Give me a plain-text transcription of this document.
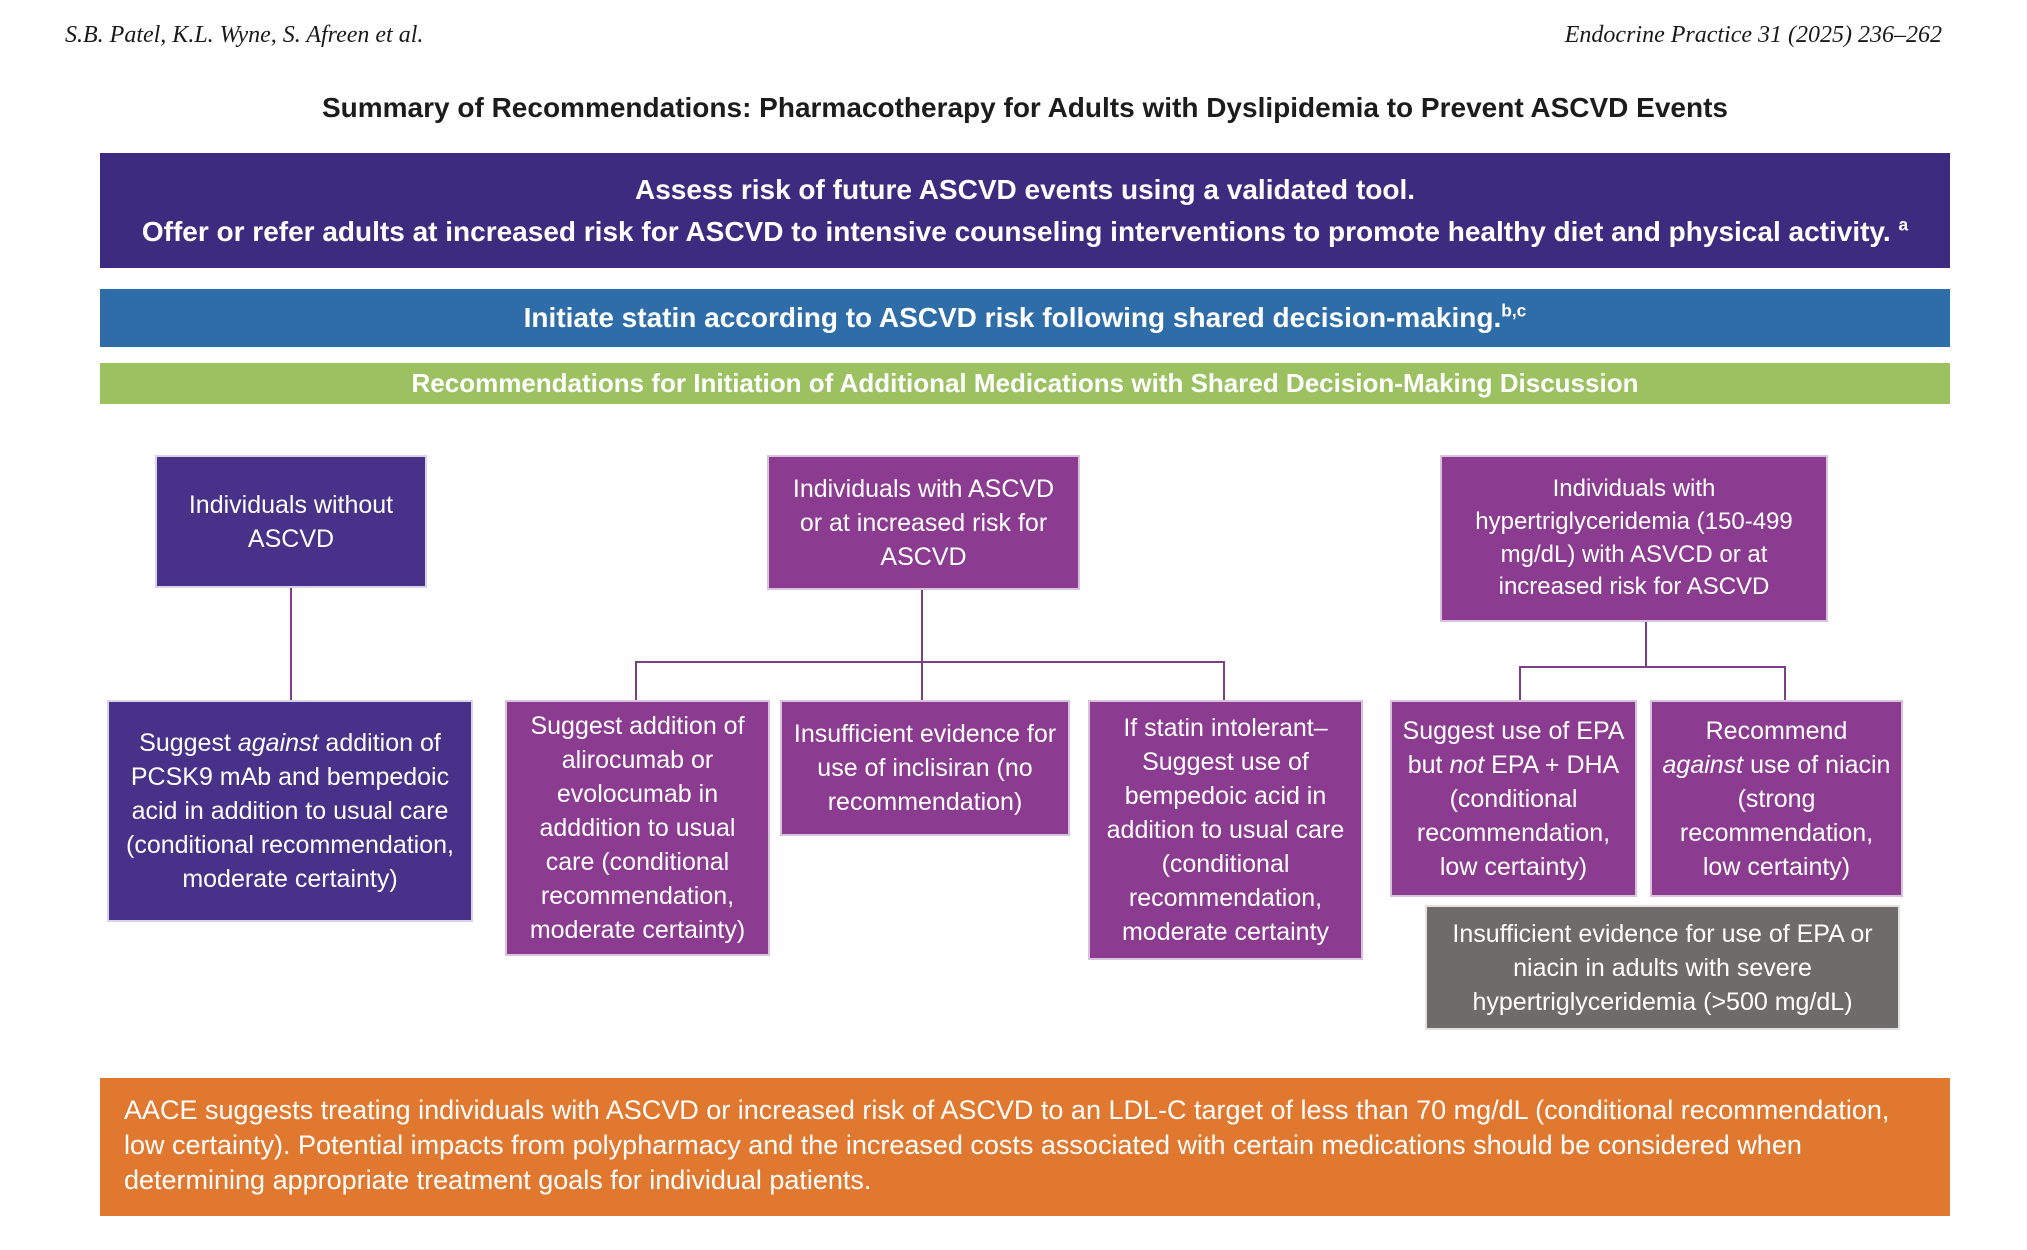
S.B. Patel, K.L. Wyne, S. Afreen et al.	Endocrine Practice 31 (2025) 236–262
Summary of Recommendations: Pharmacotherapy for Adults with Dyslipidemia to Prevent ASCVD Events
Assess risk of future ASCVD events using a validated tool.
Offer or refer adults at increased risk for ASCVD to intensive counseling interventions to promote healthy diet and physical activity. $^a$
Initiate statin according to ASCVD risk following shared decision-making.$^{b,c}$
Recommendations for Initiation of Additional Medications with Shared Decision-Making Discussion
Individuals without ASCVD
Individuals with ASCVD or at increased risk for ASCVD
Individuals with hypertriglyceridemia (150-499 mg/dL) with ASVCD or at increased risk for ASCVD
Suggest against addition of PCSK9 mAb and bempedoic acid in addition to usual care (conditional recommendation, moderate certainty)
Suggest addition of alirocumab or evolocumab in adddition to usual care (conditional recommendation, moderate certainty)
Insufficient evidence for use of inclisiran (no recommendation)
If statin intolerant– Suggest use of bempedoic acid in addition to usual care (conditional recommendation, moderate certainty
Suggest use of EPA but not EPA + DHA (conditional recommendation, low certainty)
Recommend against use of niacin (strong recommendation, low certainty)
Insufficient evidence for use of EPA or niacin in adults with severe hypertriglyceridemia (>500 mg/dL)
AACE suggests treating individuals with ASCVD or increased risk of ASCVD to an LDL-C target of less than 70 mg/dL (conditional recommendation, low certainty). Potential impacts from polypharmacy and the increased costs associated with certain medications should be considered when determining appropriate treatment goals for individual patients.
